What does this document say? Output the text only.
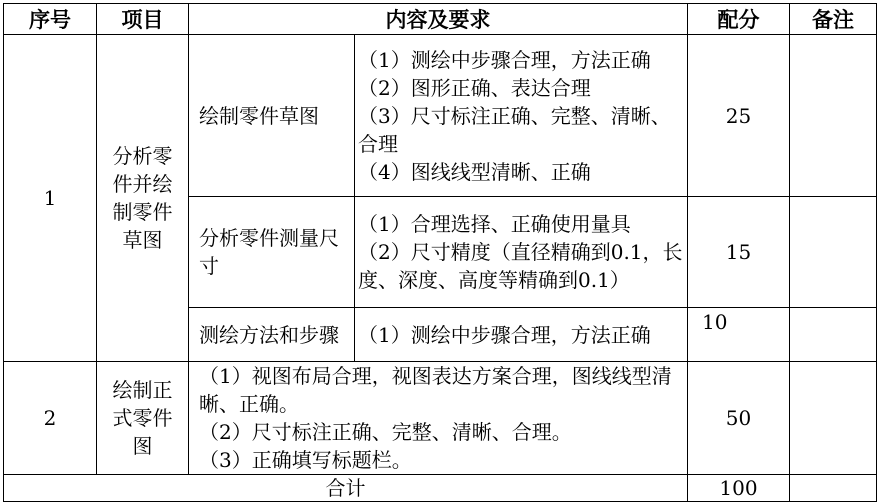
序号	项目	内容及要求		配分	备注
1	分析零件并绘制零件草图	绘制零件草图	（1）测绘中步骤合理，方法正确
（2）图形正确、表达合理
（3）尺寸标注正确、完整、清晰、合理
（4）图线线型清晰、正确	25	
		分析零件测量尺寸	（1）合理选择、正确使用量具
（2）尺寸精度（直径精确到0.1，长度、深度、高度等精确到0.1）	15	
		测绘方法和步骤	（1）测绘中步骤合理，方法正确	10	
2	绘制正式零件图	（1）视图布局合理，视图表达方案合理，图线线型清晰、正确。
（2）尺寸标注正确、完整、清晰、合理。
（3）正确填写标题栏。		50	
合计				100	
